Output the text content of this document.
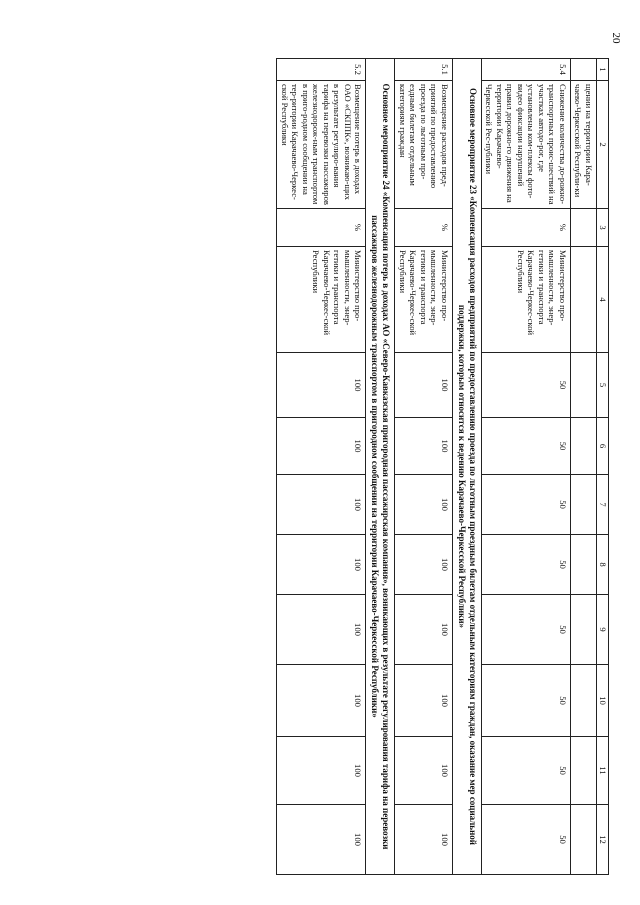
20
1	2	3	4	5	6	7	8	9	10	11	12
	щении на территории Кара-чаево-Черкесской Республи-ки										
5.4	Снижение количества до-рожно-транспортных проис-шествий на участках автодо-рог, где установлены ком-плексы фото-видео фиксации нарушений правил дорожно-го движения на территории Карачаево-Черкесской Рес-публики	%	Министерство про-мышленности, энер-гетики и транспорта Карачаево-Черкес-ской Республики	50	50	50	50	50	50	50	50
Основное мероприятие 23 «Компенсация расходов предприятий по предоставлению проезда по льготным проездным билетам отдельным категориям граждан, оказание мер социальной поддержки, которым относится к ведению Карачаево-Черкесской Республики»											
5.1	Возмещение расходов пред-приятий по предоставлению проезда по льготным про-ездным билетам отдельным категориям граждан	%	Министерство про-мышленности, энер-гетики и транспорта Карачаево-Черкес-ской Республики	100	100	100	100	100	100	100	100
Основное мероприятие 24 «Компенсация потерь в доходах АО «Северо-Кавказская пригородная пассажирская компания», возникающих в результате регулирования тарифа на перевозки пассажиров железнодорожным транспортом в пригородном сообщении на территории Карачаево-Черкесской Республики»											
5.2	Возмещение потерь в доходах ОАО «СКППК», возникаю-щих в результате регулиро-вания тарифа на перевозки пассажиров железнодорож-ным транспортом в приго-родном сообщении на тер-ритории Карачаево-Черкес-ской Республики	%	Министерство про-мышленности, энер-гетики и транспорта Карачаево-Черкес-ской Республики	100	100	100	100	100	100	100	100
